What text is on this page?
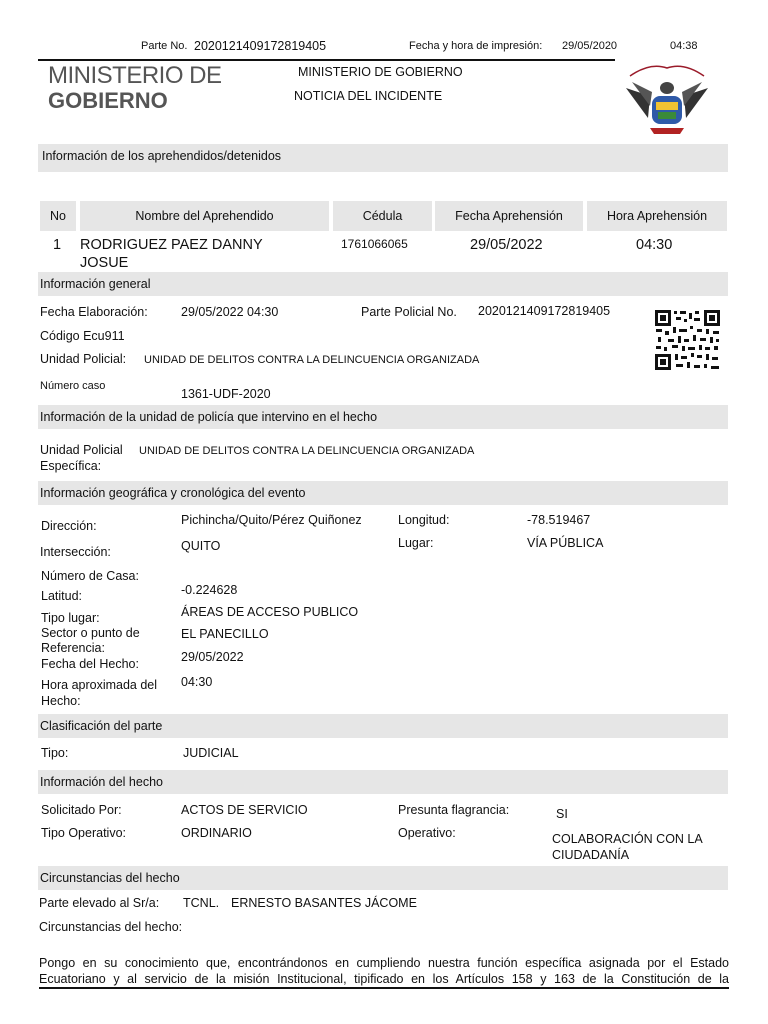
Parte No. 2020121409172819405	Fecha y hora de impresión: 29/05/2020	04:38
MINISTERIO DE
GOBIERNO
MINISTERIO DE GOBIERNO
NOTICIA DEL INCIDENTE
Información de los aprehendidos/detenidos
No	Nombre del Aprehendido	Cédula	Fecha Aprehensión	Hora Aprehensión
1 RODRIGUEZ PAEZ DANNY
JOSUE
1761066065	29/05/2022	04:30
Información general
Fecha Elaboración:	29/05/2022 04:30	Parte Policial No. 2020121409172819405
Código Ecu911
Unidad Policial: UNIDAD DE DELITOS CONTRA LA DELINCUENCIA ORGANIZADA
Número caso
1361-UDF-2020
Información de la unidad de policía que intervino en el hecho
Unidad Policial
Específica:
UNIDAD DE DELITOS CONTRA LA DELINCUENCIA ORGANIZADA
Información geográfica y cronológica del evento
Dirección:	Pichincha/Quito/Pérez Quiñonez	Longitud:	-78.519467
Intersección:	QUITO	Lugar:	VÍA PÚBLICA
Número de Casa:
Latitud:	-0.224628
Tipo lugar:	ÁREAS DE ACCESO PUBLICO
Sector o punto de
Referencia:
EL PANECILLO
Fecha del Hecho:	29/05/2022
Hora aproximada del
Hecho:
04:30
Clasificación del parte
Tipo:	JUDICIAL
Información del hecho
Solicitado Por:	ACTOS DE SERVICIO	Presunta flagrancia:	SI
Tipo Operativo:	ORDINARIO	Operativo:	COLABORACIÓN CON LA
CIUDADANÍA
Circunstancias del hecho
Parte elevado al Sr/a: TCNL. ERNESTO BASANTES JÁCOME
Circunstancias del hecho:
Pongo en su conocimiento que, encontrándonos en cumpliendo nuestra función específica asignada por el Estado
Ecuatoriano y al servicio de la misión Institucional, tipificado en los Artículos 158 y 163 de la Constitución de la
